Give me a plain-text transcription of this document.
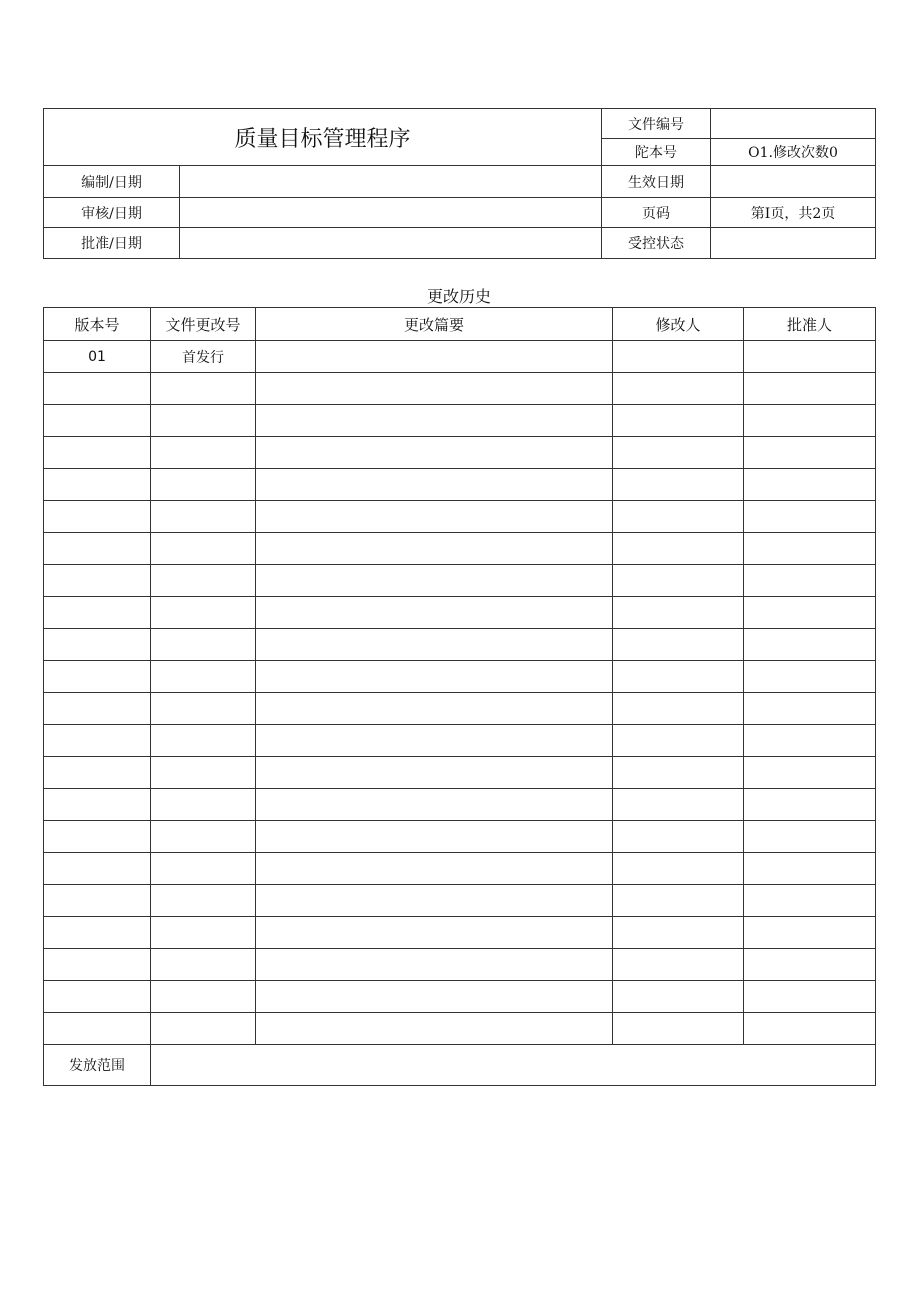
质量目标管理程序		文件编号	
		陀本号	O1.修改次数0
编制/日期		生效日期	
审核/日期		页码	第I页，共2页
批准/日期		受控状态	
更改历史
版本号	文件更改号	更改篇要	修改人	批准人
01	首发行			

发放范围				
